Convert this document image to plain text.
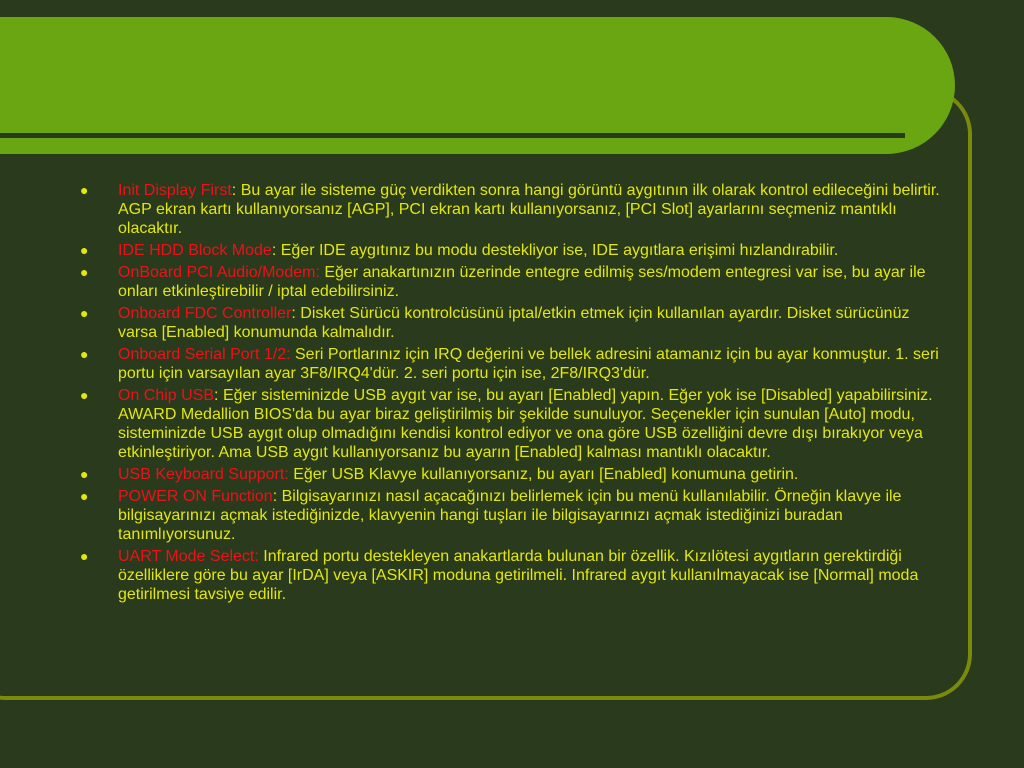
● Init Display First: Bu ayar ile sisteme güç verdikten sonra hangi görüntü aygıtının ilk olarak kontrol edileceğini belirtir. AGP ekran kartı kullanıyorsanız [AGP], PCI ekran kartı kullanıyorsanız, [PCI Slot] ayarlarını seçmeniz mantıklı olacaktır.
● IDE HDD Block Mode: Eğer IDE aygıtınız bu modu destekliyor ise, IDE aygıtlara erişimi hızlandırabilir.
● OnBoard PCI Audio/Modem: Eğer anakartınızın üzerinde entegre edilmiş ses/modem entegresi var ise, bu ayar ile onları etkinleştirebilir / iptal edebilirsiniz.
● Onboard FDC Controller: Disket Sürücü kontrolcüsünü iptal/etkin etmek için kullanılan ayardır. Disket sürücünüz varsa [Enabled] konumunda kalmalıdır.
● Onboard Serial Port 1/2: Seri Portlarınız için IRQ değerini ve bellek adresini atamanız için bu ayar konmuştur. 1. seri portu için varsayılan ayar 3F8/IRQ4'dür. 2. seri portu için ise, 2F8/IRQ3'dür.
● On Chip USB: Eğer sisteminizde USB aygıt var ise, bu ayarı [Enabled] yapın. Eğer yok ise [Disabled] yapabilirsiniz. AWARD Medallion BIOS'da bu ayar biraz geliştirilmiş bir şekilde sunuluyor. Seçenekler için sunulan [Auto] modu, sisteminizde USB aygıt olup olmadığını kendisi kontrol ediyor ve ona göre USB özelliğini devre dışı bırakıyor veya etkinleştiriyor. Ama USB aygıt kullanıyorsanız bu ayarın [Enabled] kalması mantıklı olacaktır.
● USB Keyboard Support: Eğer USB Klavye kullanıyorsanız, bu ayarı [Enabled] konumuna getirin.
● POWER ON Function: Bilgisayarınızı nasıl açacağınızı belirlemek için bu menü kullanılabilir. Örneğin klavye ile bilgisayarınızı açmak istediğinizde, klavyenin hangi tuşları ile bilgisayarınızı açmak istediğinizi buradan tanımlıyorsunuz.
● UART Mode Select: Infrared portu destekleyen anakartlarda bulunan bir özellik. Kızılötesi aygıtların gerektirdiği özelliklere göre bu ayar [IrDA] veya [ASKIR] moduna getirilmeli. Infrared aygıt kullanılmayacak ise [Normal] moda getirilmesi tavsiye edilir.
